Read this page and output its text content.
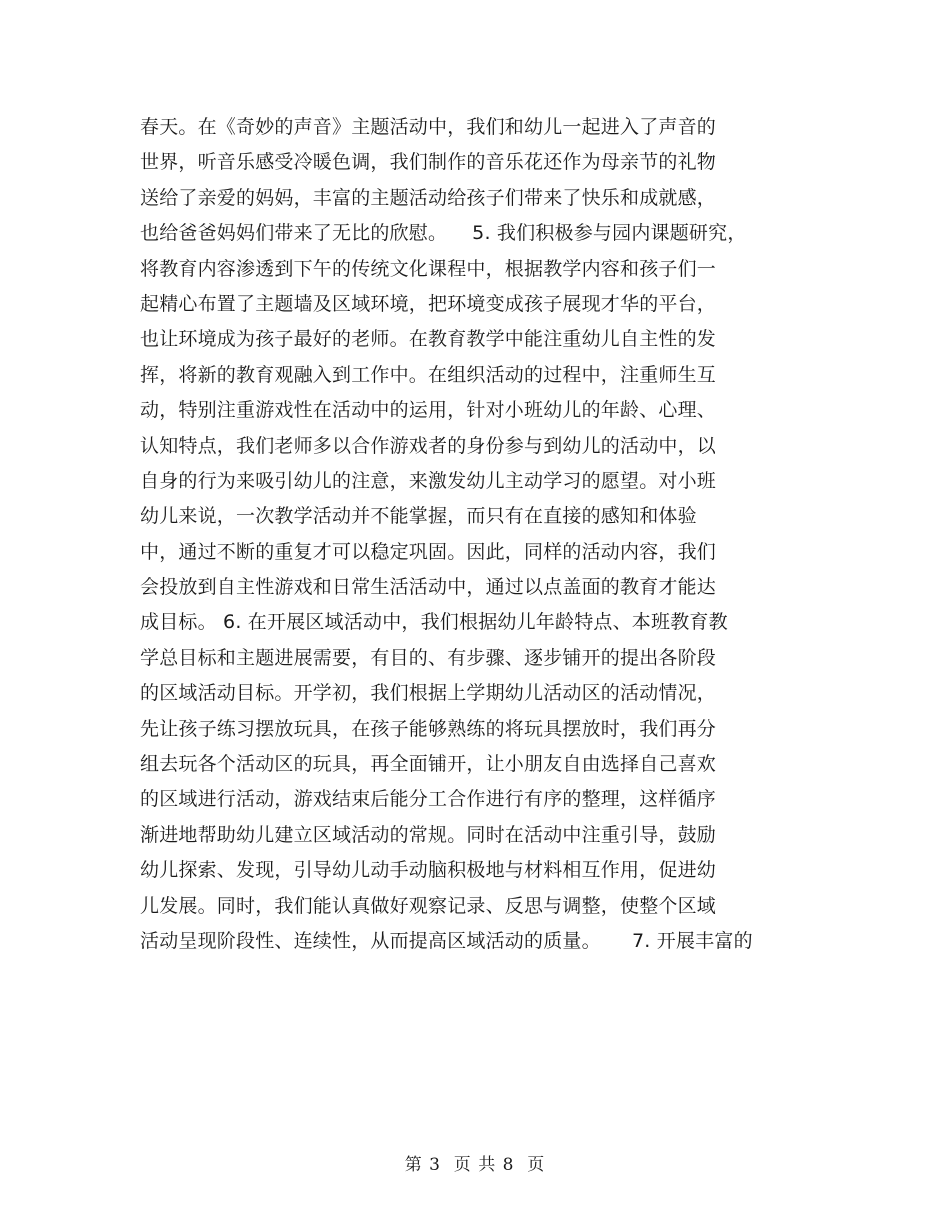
春天。在《奇妙的声音》主题活动中，我们和幼儿一起进入了声音的
世界，听音乐感受冷暖色调，我们制作的音乐花还作为母亲节的礼物
送给了亲爱的妈妈，丰富的主题活动给孩子们带来了快乐和成就感，
也给爸爸妈妈们带来了无比的欣慰。    5. 我们积极参与园内课题研究，
将教育内容渗透到下午的传统文化课程中，根据教学内容和孩子们一
起精心布置了主题墙及区域环境，把环境变成孩子展现才华的平台，
也让环境成为孩子最好的老师。在教育教学中能注重幼儿自主性的发
挥，将新的教育观融入到工作中。在组织活动的过程中，注重师生互
动，特别注重游戏性在活动中的运用，针对小班幼儿的年龄、心理、
认知特点，我们老师多以合作游戏者的身份参与到幼儿的活动中，以
自身的行为来吸引幼儿的注意，来激发幼儿主动学习的愿望。对小班
幼儿来说，一次教学活动并不能掌握，而只有在直接的感知和体验
中，通过不断的重复才可以稳定巩固。因此，同样的活动内容，我们
会投放到自主性游戏和日常生活活动中，通过以点盖面的教育才能达
成目标。 6. 在开展区域活动中，我们根据幼儿年龄特点、本班教育教
学总目标和主题进展需要，有目的、有步骤、逐步铺开的提出各阶段
的区域活动目标。开学初，我们根据上学期幼儿活动区的活动情况，
先让孩子练习摆放玩具，在孩子能够熟练的将玩具摆放时，我们再分
组去玩各个活动区的玩具，再全面铺开，让小朋友自由选择自己喜欢
的区域进行活动，游戏结束后能分工合作进行有序的整理，这样循序
渐进地帮助幼儿建立区域活动的常规。同时在活动中注重引导，鼓励
幼儿探索、发现，引导幼儿动手动脑积极地与材料相互作用，促进幼
儿发展。同时，我们能认真做好观察记录、反思与调整，使整个区域
活动呈现阶段性、连续性，从而提高区域活动的质量。     7. 开展丰富的
第 3  页 共 8  页
